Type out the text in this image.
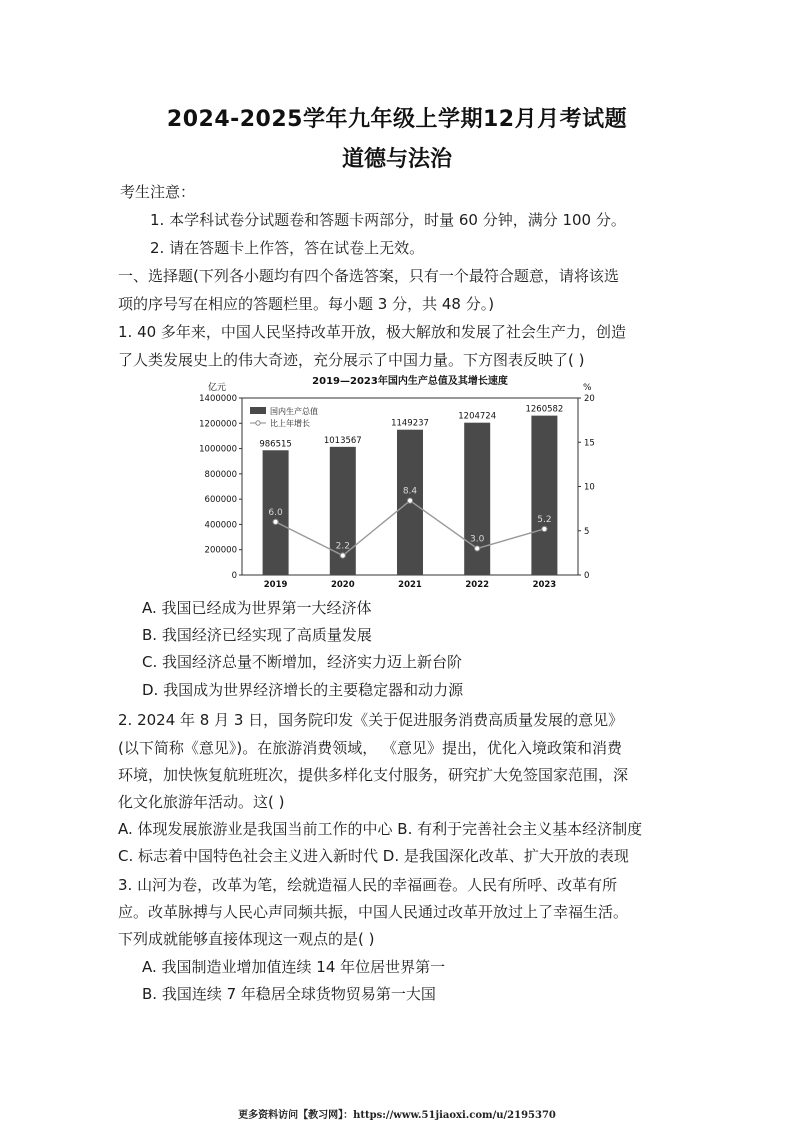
2024-2025学年九年级上学期12月月考试题
道德与法治
考生注意：
1. 本学科试卷分试题卷和答题卡两部分，时量 60 分钟，满分 100 分。
2. 请在答题卡上作答，答在试卷上无效。
一、选择题(下列各小题均有四个备选答案，只有一个最符合题意，请将该选
项的序号写在相应的答题栏里。每小题 3 分，共 48 分。)
1. 40 多年来，中国人民坚持改革开放，极大解放和发展了社会生产力，创造
了人类发展史上的伟大奇迹，充分展示了中国力量。下方图表反映了( )
2019—2023年国内生产总值及其增长速度
亿元	%
0
200000
400000
600000
800000
1000000
1200000
1400000
0
5
10
15
20
986515
2019
1013567
2020
1149237
2021
1204724
2022
1260582
2023
6.0
2.2
8.4
3.0
5.2
国内生产总值
比上年增长
A. 我国已经成为世界第一大经济体
B. 我国经济已经实现了高质量发展
C. 我国经济总量不断增加，经济实力迈上新台阶
D. 我国成为世界经济增长的主要稳定器和动力源
2. 2024 年 8 月 3 日，国务院印发《关于促进服务消费高质量发展的意见》
(以下简称《意见》)。在旅游消费领域， 《意见》提出，优化入境政策和消费
环境，加快恢复航班班次，提供多样化支付服务，研究扩大免签国家范围，深
化文化旅游年活动。这( )
A. 体现发展旅游业是我国当前工作的中心 B. 有利于完善社会主义基本经济制度
C. 标志着中国特色社会主义进入新时代 D. 是我国深化改革、扩大开放的表现
3. 山河为卷，改革为笔，绘就造福人民的幸福画卷。人民有所呼、改革有所
应。改革脉搏与人民心声同频共振，中国人民通过改革开放过上了幸福生活。
下列成就能够直接体现这一观点的是( )
A. 我国制造业增加值连续 14 年位居世界第一
B. 我国连续 7 年稳居全球货物贸易第一大国
更多资料访问【教习网】：https://www.51jiaoxi.com/u/2195370
